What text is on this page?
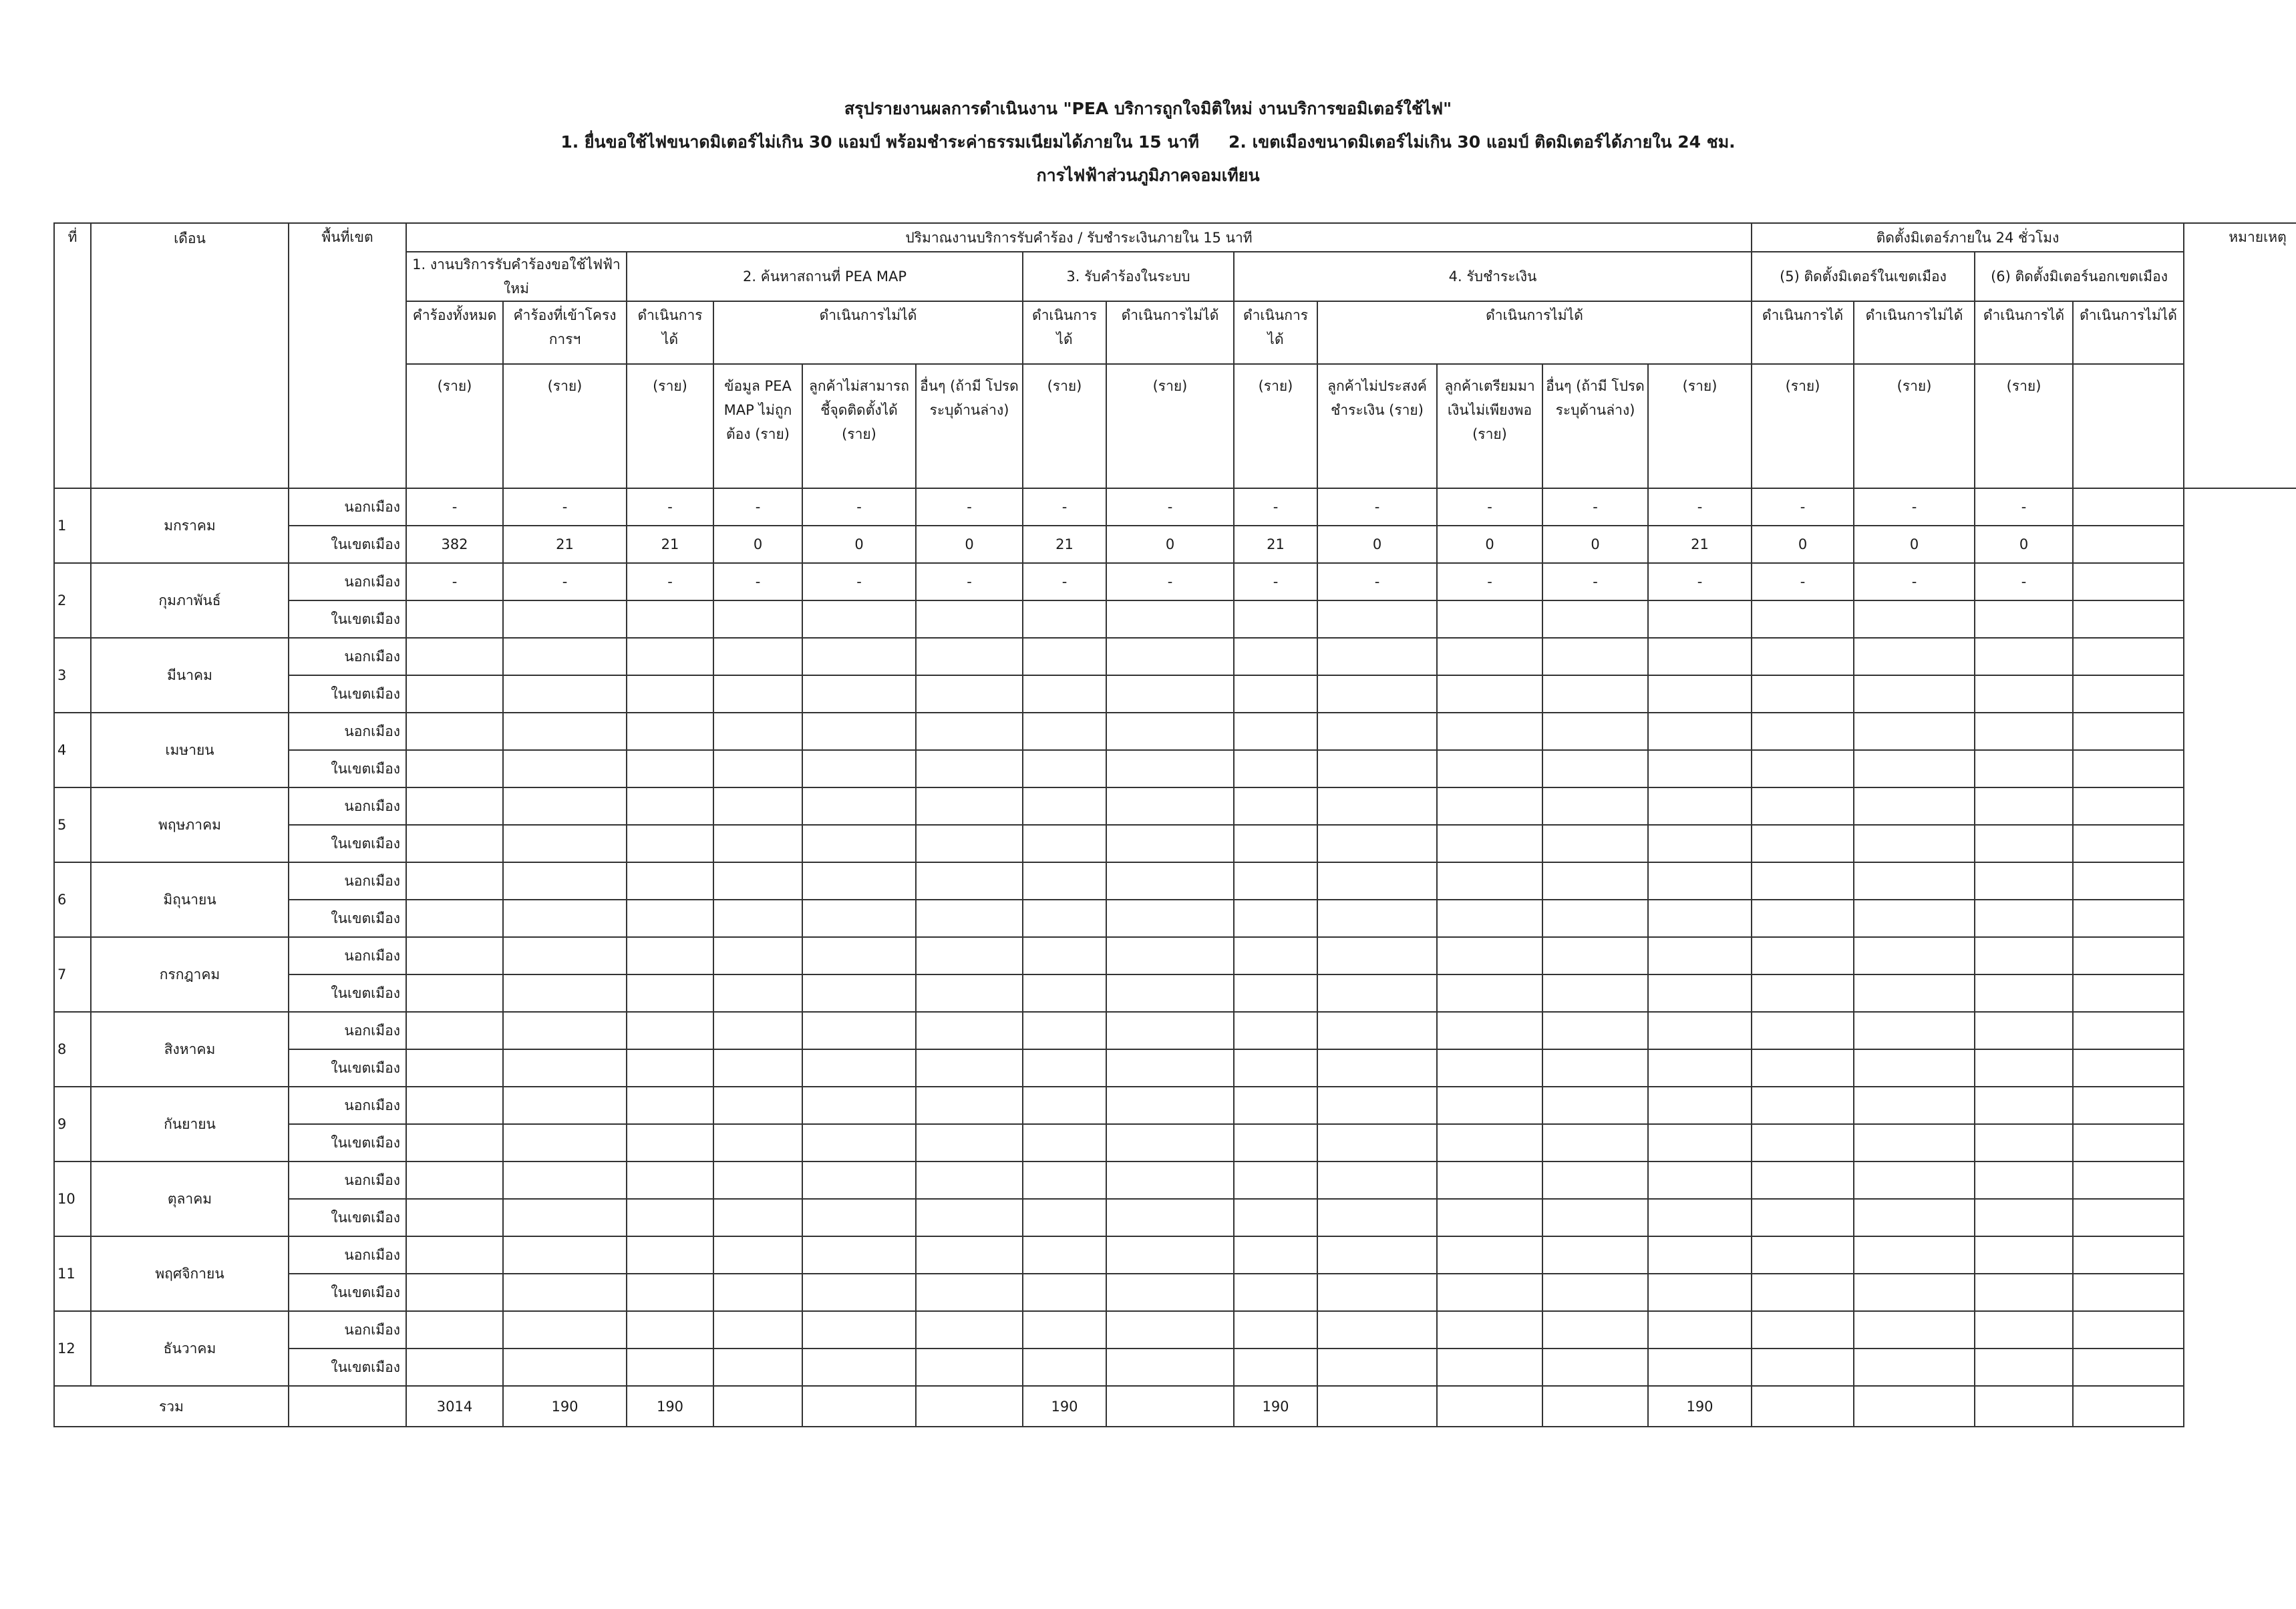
สรุปรายงานผลการดำเนินงาน "PEA บริการถูกใจมิติใหม่ งานบริการขอมิเตอร์ใช้ไฟ"
1. ยื่นขอใช้ไฟขนาดมิเตอร์ไม่เกิน 30 แอมป์ พร้อมชำระค่าธรรมเนียมได้ภายใน 15 นาที 2. เขตเมืองขนาดมิเตอร์ไม่เกิน 30 แอมป์ ติดมิเตอร์ได้ภายใน 24 ชม.
การไฟฟ้าส่วนภูมิภาคจอมเทียน
ที่	เดือน	พื้นที่เขต	ปริมาณงานบริการรับคำร้อง / รับชำระเงินภายใน 15 นาที													ติดตั้งมิเตอร์ภายใน 24 ชั่วโมง				หมายเหตุ
			1. งานบริการรับคำร้องขอใช้ไฟฟ้าใหม่		2. ค้นหาสถานที่ PEA MAP				3. รับคำร้องในระบบ		4. รับชำระเงิน					(5) ติดตั้งมิเตอร์ในเขตเมือง		(6) ติดตั้งมิเตอร์นอกเขตเมือง		
			คำร้องทั้งหมด	คำร้องที่เข้าโครงการฯ	ดำเนินการได้	ดำเนินการไม่ได้			ดำเนินการได้	ดำเนินการไม่ได้	ดำเนินการได้	ดำเนินการไม่ได้				ดำเนินการได้	ดำเนินการไม่ได้	ดำเนินการได้	ดำเนินการไม่ได้	
			(ราย)	(ราย)	(ราย)	ข้อมูล PEA MAP ไม่ถูกต้อง (ราย)	ลูกค้าไม่สามารถชี้จุดติดตั้งได้ (ราย)	อื่นๆ (ถ้ามี โปรดระบุด้านล่าง)	(ราย)	(ราย)	(ราย)	ลูกค้าไม่ประสงค์ชำระเงิน (ราย)	ลูกค้าเตรียมมาเงินไม่เพียงพอ (ราย)	อื่นๆ (ถ้ามี โปรดระบุด้านล่าง)	(ราย)	(ราย)	(ราย)	(ราย)		
1	มกราคม	นอกเมือง	-	-	-	-	-	-	-	-	-	-	-	-	-	-	-	-		
		ในเขตเมือง	382	21	21	0	0	0	21	0	21	0	0	0	21	0	0	0		
2	กุมภาพันธ์	นอกเมือง	-	-	-	-	-	-	-	-	-	-	-	-	-	-	-	-		
		ในเขตเมือง																		
3	มีนาคม	นอกเมือง																		
		ในเขตเมือง																		
4	เมษายน	นอกเมือง																		
		ในเขตเมือง																		
5	พฤษภาคม	นอกเมือง																		
		ในเขตเมือง																		
6	มิถุนายน	นอกเมือง																		
		ในเขตเมือง																		
7	กรกฎาคม	นอกเมือง																		
		ในเขตเมือง																		
8	สิงหาคม	นอกเมือง																		
		ในเขตเมือง																		
9	กันยายน	นอกเมือง																		
		ในเขตเมือง																		
10	ตุลาคม	นอกเมือง																		
		ในเขตเมือง																		
11	พฤศจิกายน	นอกเมือง																		
		ในเขตเมือง																		
12	ธันวาคม	นอกเมือง																		
		ในเขตเมือง																		
รวม			3014	190	190				190		190				190					
